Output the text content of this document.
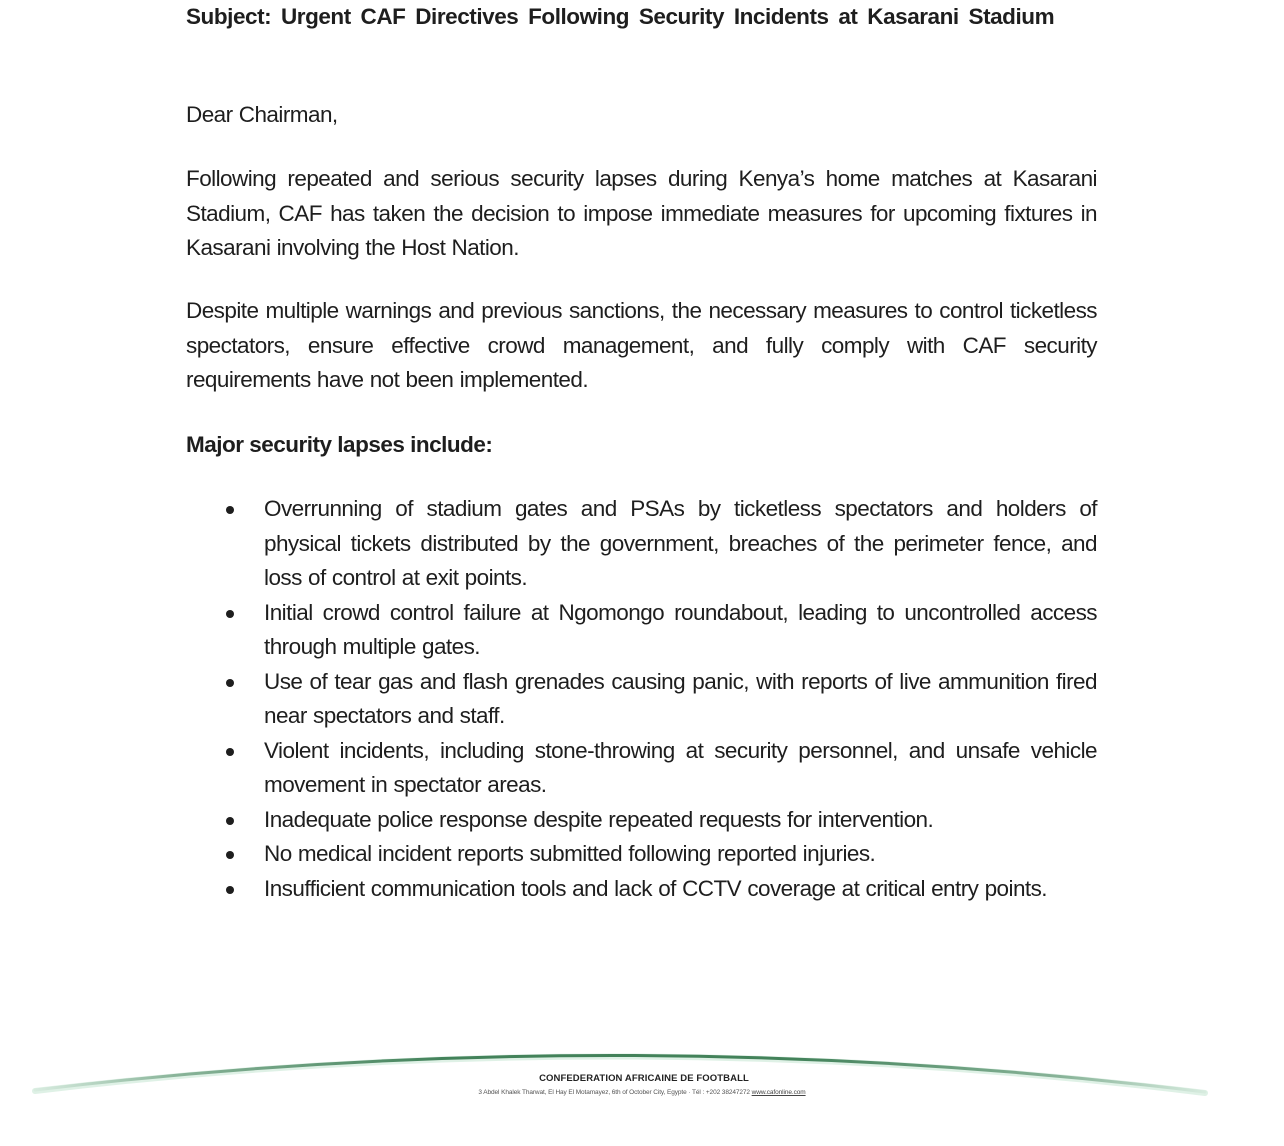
Subject: Urgent CAF Directives Following Security Incidents at Kasarani Stadium

Dear Chairman,

Following repeated and serious security lapses during Kenya’s home matches at Kasarani Stadium, CAF has taken the decision to impose immediate measures for upcoming fixtures in Kasarani involving the Host Nation.

Despite multiple warnings and previous sanctions, the necessary measures to control ticketless spectators, ensure effective crowd management, and fully comply with CAF security requirements have not been implemented.

Major security lapses include:

Overrunning of stadium gates and PSAs by ticketless spectators and holders of physical tickets distributed by the government, breaches of the perimeter fence, and loss of control at exit points.
Initial crowd control failure at Ngomongo roundabout, leading to uncontrolled access through multiple gates.
Use of tear gas and flash grenades causing panic, with reports of live ammunition fired near spectators and staff.
Violent incidents, including stone-throwing at security personnel, and unsafe vehicle movement in spectator areas.
Inadequate police response despite repeated requests for intervention.
No medical incident reports submitted following reported injuries.
Insufficient communication tools and lack of CCTV coverage at critical entry points.
CONFEDERATION AFRICAINE DE FOOTBALL
3 Abdel Khalek Tharwat, El Hay El Motamayez, 6th of October City, Egypte · Tél : +202 38247272 www.cafonline.com
